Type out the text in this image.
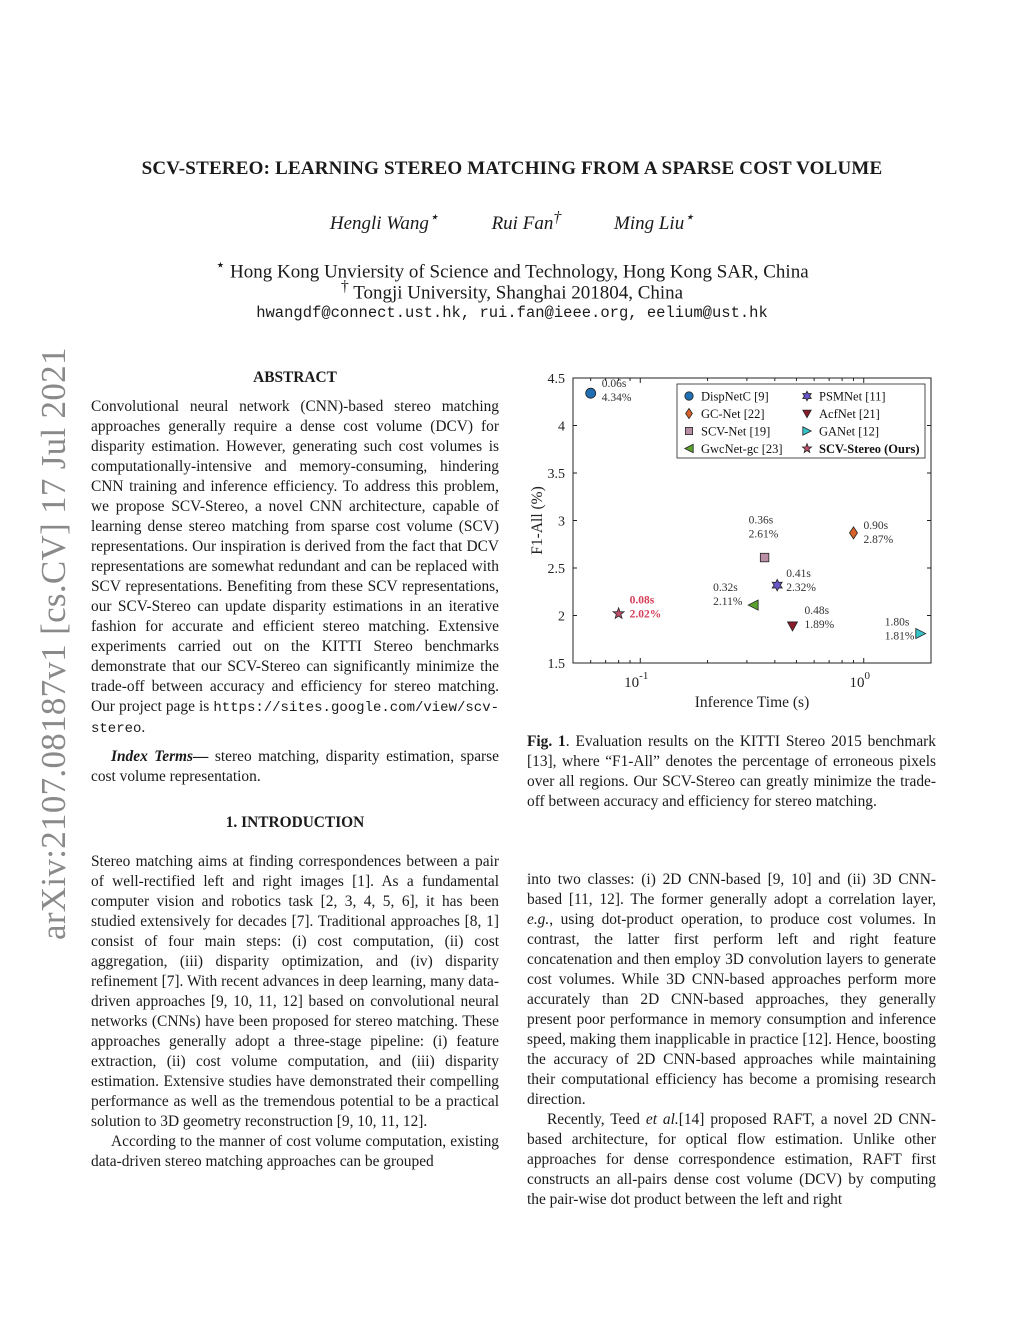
arXiv:2107.08187v1 [cs.CV] 17 Jul 2021
SCV-STEREO: LEARNING STEREO MATCHING FROM A SPARSE COST VOLUME
Hengli Wang⋆	Rui Fan†	Ming Liu⋆
⋆ Hong Kong Unviersity of Science and Technology, Hong Kong SAR, China
† Tongji University, Shanghai 201804, China
hwangdf@connect.ust.hk, rui.fan@ieee.org, eelium@ust.hk
ABSTRACT

Convolutional neural network (CNN)-based stereo matching approaches generally require a dense cost volume (DCV) for disparity estimation. However, generating such cost volumes is computationally-intensive and memory-consuming, hindering CNN training and inference efficiency. To address this problem, we propose SCV-Stereo, a novel CNN architecture, capable of learning dense stereo matching from sparse cost volume (SCV) representations. Our inspiration is derived from the fact that DCV representations are somewhat redundant and can be replaced with SCV representations. Benefiting from these SCV representations, our SCV-Stereo can update disparity estimations in an iterative fashion for accurate and efficient stereo matching. Extensive experiments carried out on the KITTI Stereo benchmarks demonstrate that our SCV-Stereo can significantly minimize the trade-off between accuracy and efficiency for stereo matching. Our project page is https://sites.google.com/view/scv-stereo.

Index Terms— stereo matching, disparity estimation, sparse cost volume representation.

1. INTRODUCTION

Stereo matching aims at finding correspondences between a pair of well-rectified left and right images [1]. As a fundamental computer vision and robotics task [2, 3, 4, 5, 6], it has been studied extensively for decades [7]. Traditional approaches [8, 1] consist of four main steps: (i) cost computation, (ii) cost aggregation, (iii) disparity optimization, and (iv) disparity refinement [7]. With recent advances in deep learning, many data-driven approaches [9, 10, 11, 12] based on convolutional neural networks (CNNs) have been proposed for stereo matching. These approaches generally adopt a three-stage pipeline: (i) feature extraction, (ii) cost volume computation, and (iii) disparity estimation. Extensive studies have demonstrated their compelling performance as well as the tremendous potential to be a practical solution to 3D geometry reconstruction [9, 10, 11, 12].

According to the manner of cost volume computation, existing data-driven stereo matching approaches can be grouped

1.5
2
2.5
3
3.5
4
4.5
$10^{-1}$	$10^0$
Inference Time (s)
F1-All (%)
0.06s
4.34%
0.90s
2.87%
0.36s
2.61%
0.32s
2.11%
0.41s
2.32%
0.48s
1.89%	1.80s
1.81%
0.08s
2.02%
DispNetC [9]	PSMNet [11]
GC-Net [22]	AcfNet [21]
SCV-Net [19]	GANet [12]
GwcNet-gc [23]	SCV-Stereo (Ours)

Fig. 1. Evaluation results on the KITTI Stereo 2015 benchmark [13], where “F1-All” denotes the percentage of erroneous pixels over all regions. Our SCV-Stereo can greatly minimize the trade-off between accuracy and efficiency for stereo matching.

into two classes: (i) 2D CNN-based [9, 10] and (ii) 3D CNN-based [11, 12]. The former generally adopt a correlation layer, e.g., using dot-product operation, to produce cost volumes. In contrast, the latter first perform left and right feature concatenation and then employ 3D convolution layers to generate cost volumes. While 3D CNN-based approaches perform more accurately than 2D CNN-based approaches, they generally present poor performance in memory consumption and inference speed, making them inapplicable in practice [12]. Hence, boosting the accuracy of 2D CNN-based approaches while maintaining their computational efficiency has become a promising research direction.

Recently, Teed et al.[14] proposed RAFT, a novel 2D CNN-based architecture, for optical flow estimation. Unlike other approaches for dense correspondence estimation, RAFT first constructs an all-pairs dense cost volume (DCV) by computing the pair-wise dot product between the left and right
